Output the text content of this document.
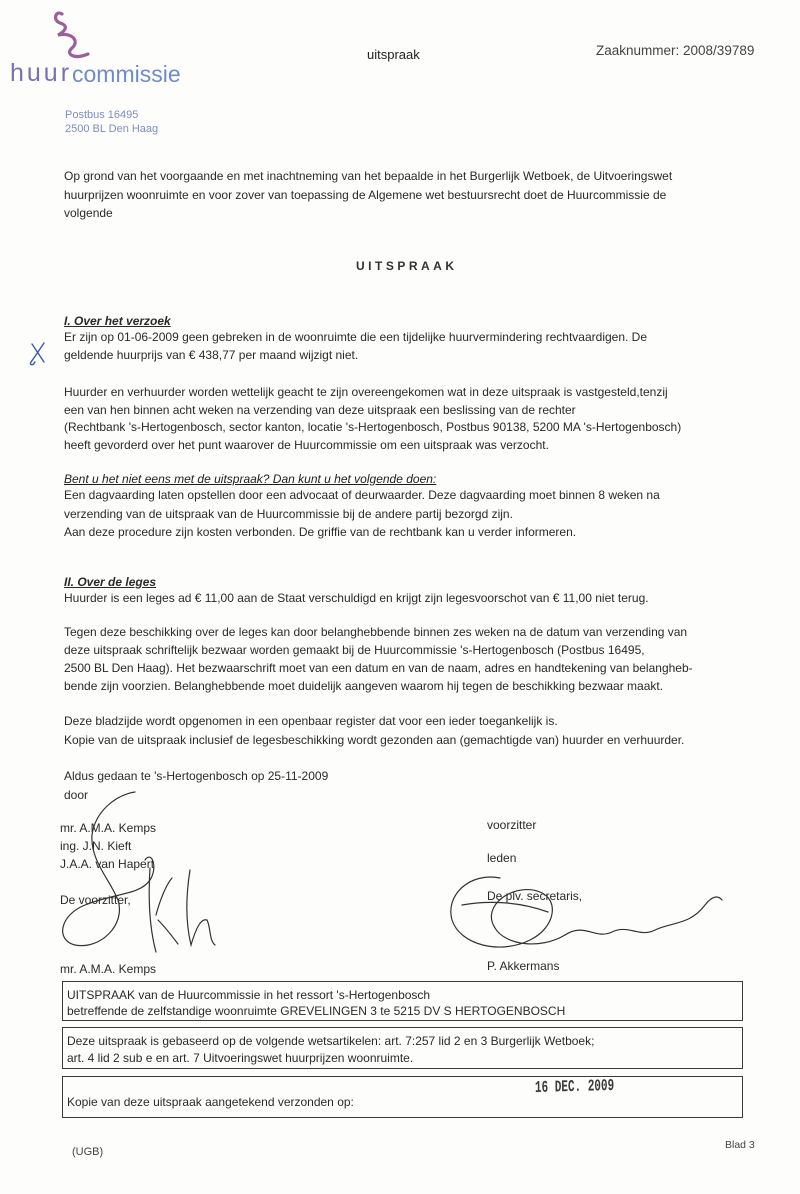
huur commissie
Postbus 16495
2500 BL Den Haag
uitspraak	Zaaknummer: 2008/39789
Op grond van het voorgaande en met inachtneming van het bepaalde in het Burgerlijk Wetboek, de Uitvoeringswet
huurprijzen woonruimte en voor zover van toepassing de Algemene wet bestuursrecht doet de Huurcommissie de
volgende
UITSPRAAK
I. Over het verzoek
Er zijn op 01-06-2009 geen gebreken in de woonruimte die een tijdelijke huurvermindering rechtvaardigen. De
geldende huurprijs van € 438,77 per maand wijzigt niet.
Huurder en verhuurder worden wettelijk geacht te zijn overeengekomen wat in deze uitspraak is vastgesteld,tenzij
een van hen binnen acht weken na verzending van deze uitspraak een beslissing van de rechter
(Rechtbank 's-Hertogenbosch, sector kanton, locatie 's-Hertogenbosch, Postbus 90138, 5200 MA 's-Hertogenbosch)
heeft gevorderd over het punt waarover de Huurcommissie om een uitspraak was verzocht.
Bent u het niet eens met de uitspraak? Dan kunt u het volgende doen:
Een dagvaarding laten opstellen door een advocaat of deurwaarder. Deze dagvaarding moet binnen 8 weken na
verzending van de uitspraak van de Huurcommissie bij de andere partij bezorgd zijn.
Aan deze procedure zijn kosten verbonden. De griffie van de rechtbank kan u verder informeren.
II. Over de leges
Huurder is een leges ad € 11,00 aan de Staat verschuldigd en krijgt zijn legesvoorschot van € 11,00 niet terug.
Tegen deze beschikking over de leges kan door belanghebbende binnen zes weken na de datum van verzending van
deze uitspraak schriftelijk bezwaar worden gemaakt bij de Huurcommissie 's-Hertogenbosch (Postbus 16495,
2500 BL Den Haag). Het bezwaarschrift moet van een datum en van de naam, adres en handtekening van belangheb-
bende zijn voorzien. Belanghebbende moet duidelijk aangeven waarom hij tegen de beschikking bezwaar maakt.
Deze bladzijde wordt opgenomen in een openbaar register dat voor een ieder toegankelijk is.
Kopie van de uitspraak inclusief de legesbeschikking wordt gezonden aan (gemachtigde van) huurder en verhuurder.
Aldus gedaan te 's-Hertogenbosch op 25-11-2009
door
mr. A.M.A. Kemps
ing. J.N. Kieft
J.A.A. van Hapert
voorzitter
leden
De voorzitter,	De plv. secretaris,
mr. A.M.A. Kemps	P. Akkermans
UITSPRAAK van de Huurcommissie in het ressort 's-Hertogenbosch
betreffende de zelfstandige woonruimte GREVELINGEN 3 te 5215 DV S HERTOGENBOSCH
Deze uitspraak is gebaseerd op de volgende wetsartikelen: art. 7:257 lid 2 en 3 Burgerlijk Wetboek;
art. 4 lid 2 sub e en art. 7 Uitvoeringswet huurprijzen woonruimte.
Kopie van deze uitspraak aangetekend verzonden op:
16 DEC. 2009
(UGB)
Blad 3
